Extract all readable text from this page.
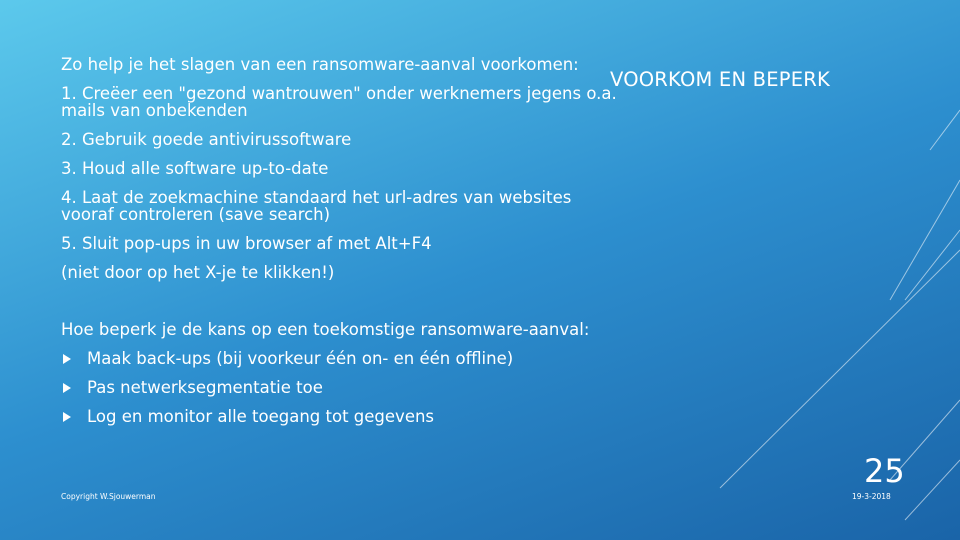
VOORKOM EN BEPERK

Zo help je het slagen van een ransomware-aanval voorkomen:

1. Creëer een "gezond wantrouwen" onder werknemers jegens o.a. mails van onbekenden

2. Gebruik goede antivirussoftware

3. Houd alle software up-to-date

4. Laat de zoekmachine standaard het url-adres van websites vooraf controleren (save search)

5. Sluit pop-ups in uw browser af met Alt+F4

(niet door op het X-je te klikken!)

Hoe beperk je de kans op een toekomstige ransomware-aanval:

Maak back-ups (bij voorkeur één on- en één offline)
Pas netwerksegmentatie toe
Log en monitor alle toegang tot gegevens
Copyright W.Sjouwerman
25
19-3-2018
